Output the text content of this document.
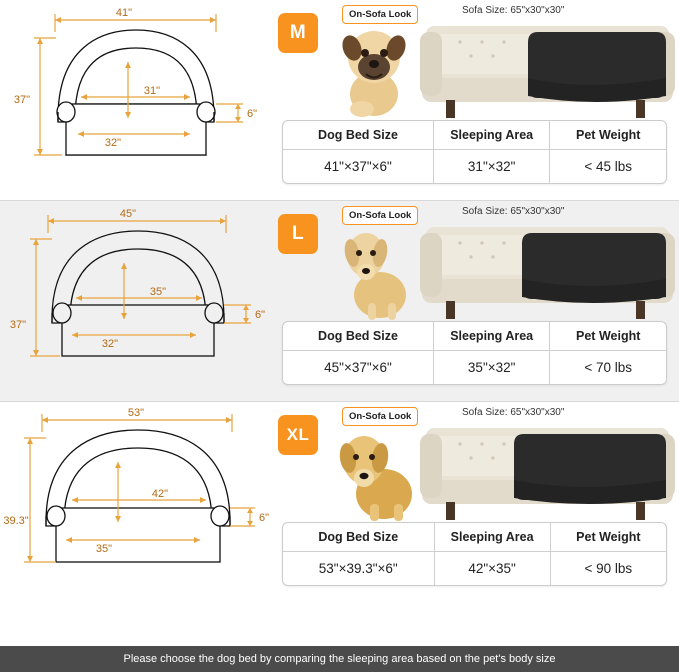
41"
37"
31"
32"
6"
M
On-Sofa Look	Sofa Size: 65"x30"x30"
Dog Bed Size	Sleeping Area	Pet Weight
41"×37"×6"	31"×32"	< 45 lbs
45"
37"
35"
32"
6"
L
On-Sofa Look	Sofa Size: 65"x30"x30"
Dog Bed Size	Sleeping Area	Pet Weight
45"×37"×6"	35"×32"	< 70 lbs
53"
39.3"
42"
35"
6"
XL
On-Sofa Look	Sofa Size: 65"x30"x30"
Dog Bed Size	Sleeping Area	Pet Weight
53"×39.3"×6"	42"×35"	< 90 lbs
Please choose the dog bed by comparing the sleeping area based on the pet's body size
